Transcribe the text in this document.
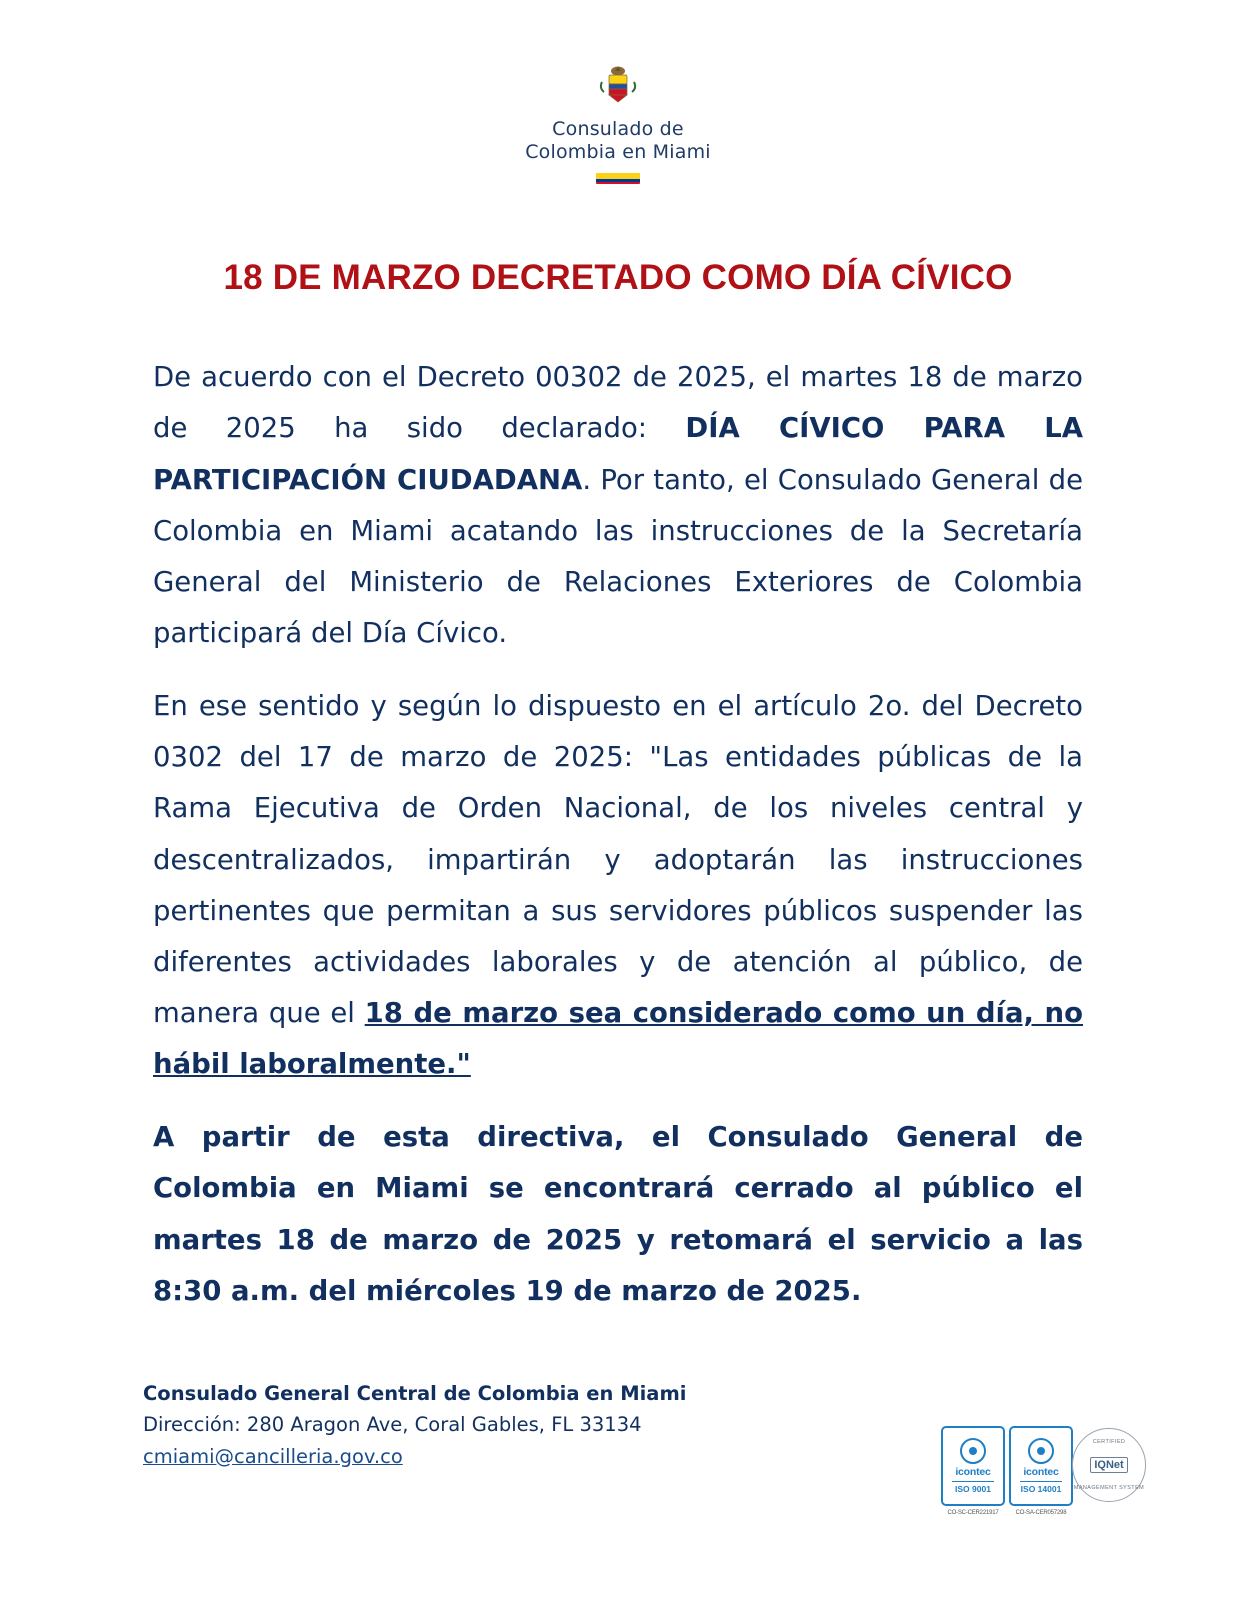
Consulado de
Colombia en Miami
18 DE MARZO DECRETADO COMO DÍA CÍVICO

De acuerdo con el Decreto 00302 de 2025, el martes 18 de marzo de 2025 ha sido declarado: DÍA CÍVICO PARA LA PARTICIPACIÓN CIUDADANA. Por tanto, el Consulado General de Colombia en Miami acatando las instrucciones de la Secretaría General del Ministerio de Relaciones Exteriores de Colombia participará del Día Cívico.

En ese sentido y según lo dispuesto en el artículo 2o. del Decreto 0302 del 17 de marzo de 2025: "Las entidades públicas de la Rama Ejecutiva de Orden Nacional, de los niveles central y descentralizados, impartirán y adoptarán las instrucciones pertinentes que permitan a sus servidores públicos suspender las diferentes actividades laborales y de atención al público, de manera que el 18 de marzo sea considerado como un día, no hábil laboralmente."

A partir de esta directiva, el Consulado General de Colombia en Miami se encontrará cerrado al público el martes 18 de marzo de 2025 y retomará el servicio a las 8:30 a.m. del miércoles 19 de marzo de 2025.

Consulado General Central de Colombia en Miami
Dirección: 280 Aragon Ave, Coral Gables, FL 33134
cmiami@cancilleria.gov.co
icontec
ISO 9001
CO-SC-CER221917
icontec
ISO 14001
CO-SA-CER057298
CERTIFIED
IQNet
MANAGEMENT SYSTEM
